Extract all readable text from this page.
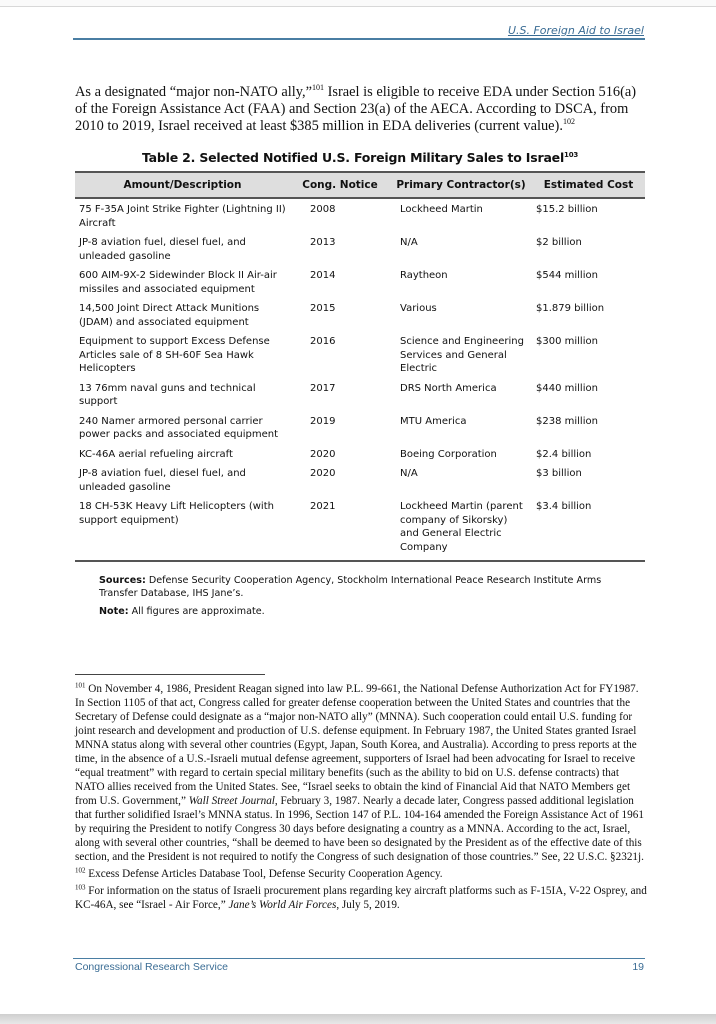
U.S. Foreign Aid to Israel

As a designated “major non-NATO ally,”$^{101}$ Israel is eligible to receive EDA under Section 516(a) of the Foreign Assistance Act (FAA) and Section 23(a) of the AECA. According to DSCA, from 2010 to 2019, Israel received at least $385 million in EDA deliveries (current value).$^{102}$

Table 2. Selected Notified U.S. Foreign Military Sales to Israel$^{103}$
Amount/Description	Cong. Notice	Primary Contractor(s)	Estimated Cost
75 F-35A Joint Strike Fighter (Lightning II) Aircraft	2008	Lockheed Martin	$15.2 billion
JP-8 aviation fuel, diesel fuel, and unleaded gasoline	2013	N/A	$2 billion
600 AIM-9X-2 Sidewinder Block II Air-air missiles and associated equipment	2014	Raytheon	$544 million
14,500 Joint Direct Attack Munitions (JDAM) and associated equipment	2015	Various	$1.879 billion
Equipment to support Excess Defense Articles sale of 8 SH-60F Sea Hawk Helicopters	2016	Science and Engineering Services and General Electric	$300 million
13 76mm naval guns and technical support	2017	DRS North America	$440 million
240 Namer armored personal carrier power packs and associated equipment	2019	MTU America	$238 million
KC-46A aerial refueling aircraft	2020	Boeing Corporation	$2.4 billion
JP-8 aviation fuel, diesel fuel, and unleaded gasoline	2020	N/A	$3 billion
18 CH-53K Heavy Lift Helicopters (with support equipment)	2021	Lockheed Martin (parent company of Sikorsky) and General Electric Company	$3.4 billion

Sources: Defense Security Cooperation Agency, Stockholm International Peace Research Institute Arms Transfer Database, IHS Jane’s.

Note: All figures are approximate.

$^{101}$ On November 4, 1986, President Reagan signed into law P.L. 99-661, the National Defense Authorization Act for FY1987. In Section 1105 of that act, Congress called for greater defense cooperation between the United States and countries that the Secretary of Defense could designate as a “major non-NATO ally” (MNNA). Such cooperation could entail U.S. funding for joint research and development and production of U.S. defense equipment. In February 1987, the United States granted Israel MNNA status along with several other countries (Egypt, Japan, South Korea, and Australia). According to press reports at the time, in the absence of a U.S.-Israeli mutual defense agreement, supporters of Israel had been advocating for Israel to receive “equal treatment” with regard to certain special military benefits (such as the ability to bid on U.S. defense contracts) that NATO allies received from the United States. See, “Israel seeks to obtain the kind of Financial Aid that NATO Members get from U.S. Government,” Wall Street Journal, February 3, 1987. Nearly a decade later, Congress passed additional legislation that further solidified Israel’s MNNA status. In 1996, Section 147 of P.L. 104-164 amended the Foreign Assistance Act of 1961 by requiring the President to notify Congress 30 days before designating a country as a MNNA. According to the act, Israel, along with several other countries, “shall be deemed to have been so designated by the President as of the effective date of this section, and the President is not required to notify the Congress of such designation of those countries.” See, 22 U.S.C. §2321j.

$^{102}$ Excess Defense Articles Database Tool, Defense Security Cooperation Agency.

$^{103}$ For information on the status of Israeli procurement plans regarding key aircraft platforms such as F-15IA, V-22 Osprey, and KC-46A, see “Israel - Air Force,” Jane’s World Air Forces, July 5, 2019.

Congressional Research Service	19
